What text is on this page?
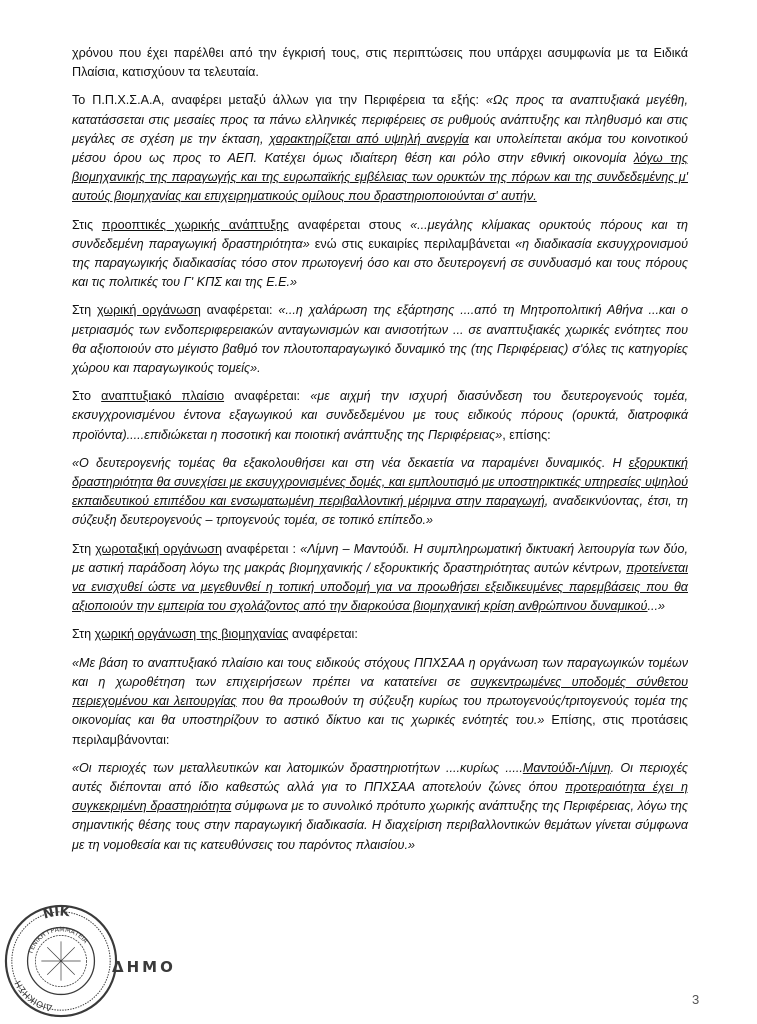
χρόνου που έχει παρέλθει από την έγκρισή τους, στις περιπτώσεις που υπάρχει ασυμφωνία με τα Ειδικά Πλαίσια, κατισχύουν τα τελευταία.

Το Π.Π.Χ.Σ.Α.Α, αναφέρει μεταξύ άλλων για την Περιφέρεια τα εξής: «Ως προς τα αναπτυξιακά μεγέθη, κατατάσσεται στις μεσαίες προς τα πάνω ελληνικές περιφέρειες σε ρυθμούς ανάπτυξης και πληθυσμό και στις μεγάλες σε σχέση με την έκταση, χαρακτηρίζεται από υψηλή ανεργία και υπολείπεται ακόμα του κοινοτικού μέσου όρου ως προς το ΑΕΠ. Κατέχει όμως ιδιαίτερη θέση και ρόλο στην εθνική οικονομία λόγω της βιομηχανικής της παραγωγής και της ευρωπαϊκής εμβέλειας των ορυκτών της πόρων και της συνδεδεμένης μ' αυτούς βιομηχανίας και επιχειρηματικούς ομίλους που δραστηριοποιούνται σ' αυτήν.

Στις προοπτικές χωρικής ανάπτυξης αναφέρεται στους «...μεγάλης κλίμακας ορυκτούς πόρους και τη συνδεδεμένη παραγωγική δραστηριότητα» ενώ στις ευκαιρίες περιλαμβάνεται «η διαδικασία εκσυγχρονισμού της παραγωγικής διαδικασίας τόσο στον πρωτογενή όσο και στο δευτερογενή σε συνδυασμό και τους πόρους και τις πολιτικές του Γ' ΚΠΣ και της Ε.Ε.»

Στη χωρική οργάνωση αναφέρεται: «...η χαλάρωση της εξάρτησης ....από τη Μητροπολιτική Αθήνα ...και ο μετριασμός των ενδοπεριφερειακών ανταγωνισμών και ανισοτήτων ... σε αναπτυξιακές χωρικές ενότητες που θα αξιοποιούν στο μέγιστο βαθμό τον πλουτοπαραγωγικό δυναμικό της (της Περιφέρειας) σ'όλες τις κατηγορίες χώρου και παραγωγικούς τομείς».

Στο αναπτυξιακό πλαίσιο αναφέρεται: «με αιχμή την ισχυρή διασύνδεση του δευτερογενούς τομέα, εκσυγχρονισμένου έντονα εξαγωγικού και συνδεδεμένου με τους ειδικούς πόρους (ορυκτά, διατροφικά προϊόντα).....επιδιώκεται η ποσοτική και ποιοτική ανάπτυξης της Περιφέρειας», επίσης:

«Ο δευτερογενής τομέας θα εξακολουθήσει και στη νέα δεκαετία να παραμένει δυναμικός. Η εξορυκτική δραστηριότητα θα συνεχίσει με εκσυγχρονισμένες δομές, και εμπλουτισμό με υποστηρικτικές υπηρεσίες υψηλού εκπαιδευτικού επιπέδου και ενσωματωμένη περιβαλλοντική μέριμνα στην παραγωγή, αναδεικνύοντας, έτσι, τη σύζευξη δευτερογενούς – τριτογενούς τομέα, σε τοπικό επίπεδο.»

Στη χωροταξική οργάνωση αναφέρεται : «Λίμνη – Μαντούδι. Η συμπληρωματική δικτυακή λειτουργία των δύο, με αστική παράδοση λόγω της μακράς βιομηχανικής / εξορυκτικής δραστηριότητας αυτών κέντρων, προτείνεται να ενισχυθεί ώστε να μεγεθυνθεί η τοπική υποδομή για να προωθήσει εξειδικευμένες παρεμβάσεις που θα αξιοποιούν την εμπειρία του σχολάζοντος από την διαρκούσα βιομηχανική κρίση ανθρώπινου δυναμικού...»

Στη χωρική οργάνωση της βιομηχανίας αναφέρεται:

«Με βάση το αναπτυξιακό πλαίσιο και τους ειδικούς στόχους ΠΠΧΣΑΑ η οργάνωση των παραγωγικών τομέων και η χωροθέτηση των επιχειρήσεων πρέπει να κατατείνει σε συγκεντρωμένες υποδομές σύνθετου περιεχομένου και λειτουργίας που θα προωθούν τη σύζευξη κυρίως του πρωτογενούς/τριτογενούς τομέα της οικονομίας και θα υποστηρίζουν το αστικό δίκτυο και τις χωρικές ενότητές του.» Επίσης, στις προτάσεις περιλαμβάνονται:

«Οι περιοχές των μεταλλευτικών και λατομικών δραστηριοτήτων ....κυρίως .....Μαντούδι-Λίμνη. Οι περιοχές αυτές διέπονται από ίδιο καθεστώς αλλά για το ΠΠΧΣΑΑ αποτελούν ζώνες όπου προτεραιότητα έχει η συγκεκριμένη δραστηριότητα σύμφωνα με το συνολικό πρότυπο χωρικής ανάπτυξης της Περιφέρειας, λόγω της σημαντικής θέσης τους στην παραγωγική διαδικασία. Η διαχείριση περιβαλλοντικών θεμάτων γίνεται σύμφωνα με τη νομοθεσία και τις κατευθύνσεις του παρόντος πλαισίου.»

ΝΙΚ
ΔΙΟΙΚΗΣΗ
ΓΕΝΙΚΗ ΓΡΑΜΜΑΤΕΙΑ
ΔΗΜΟ
3
